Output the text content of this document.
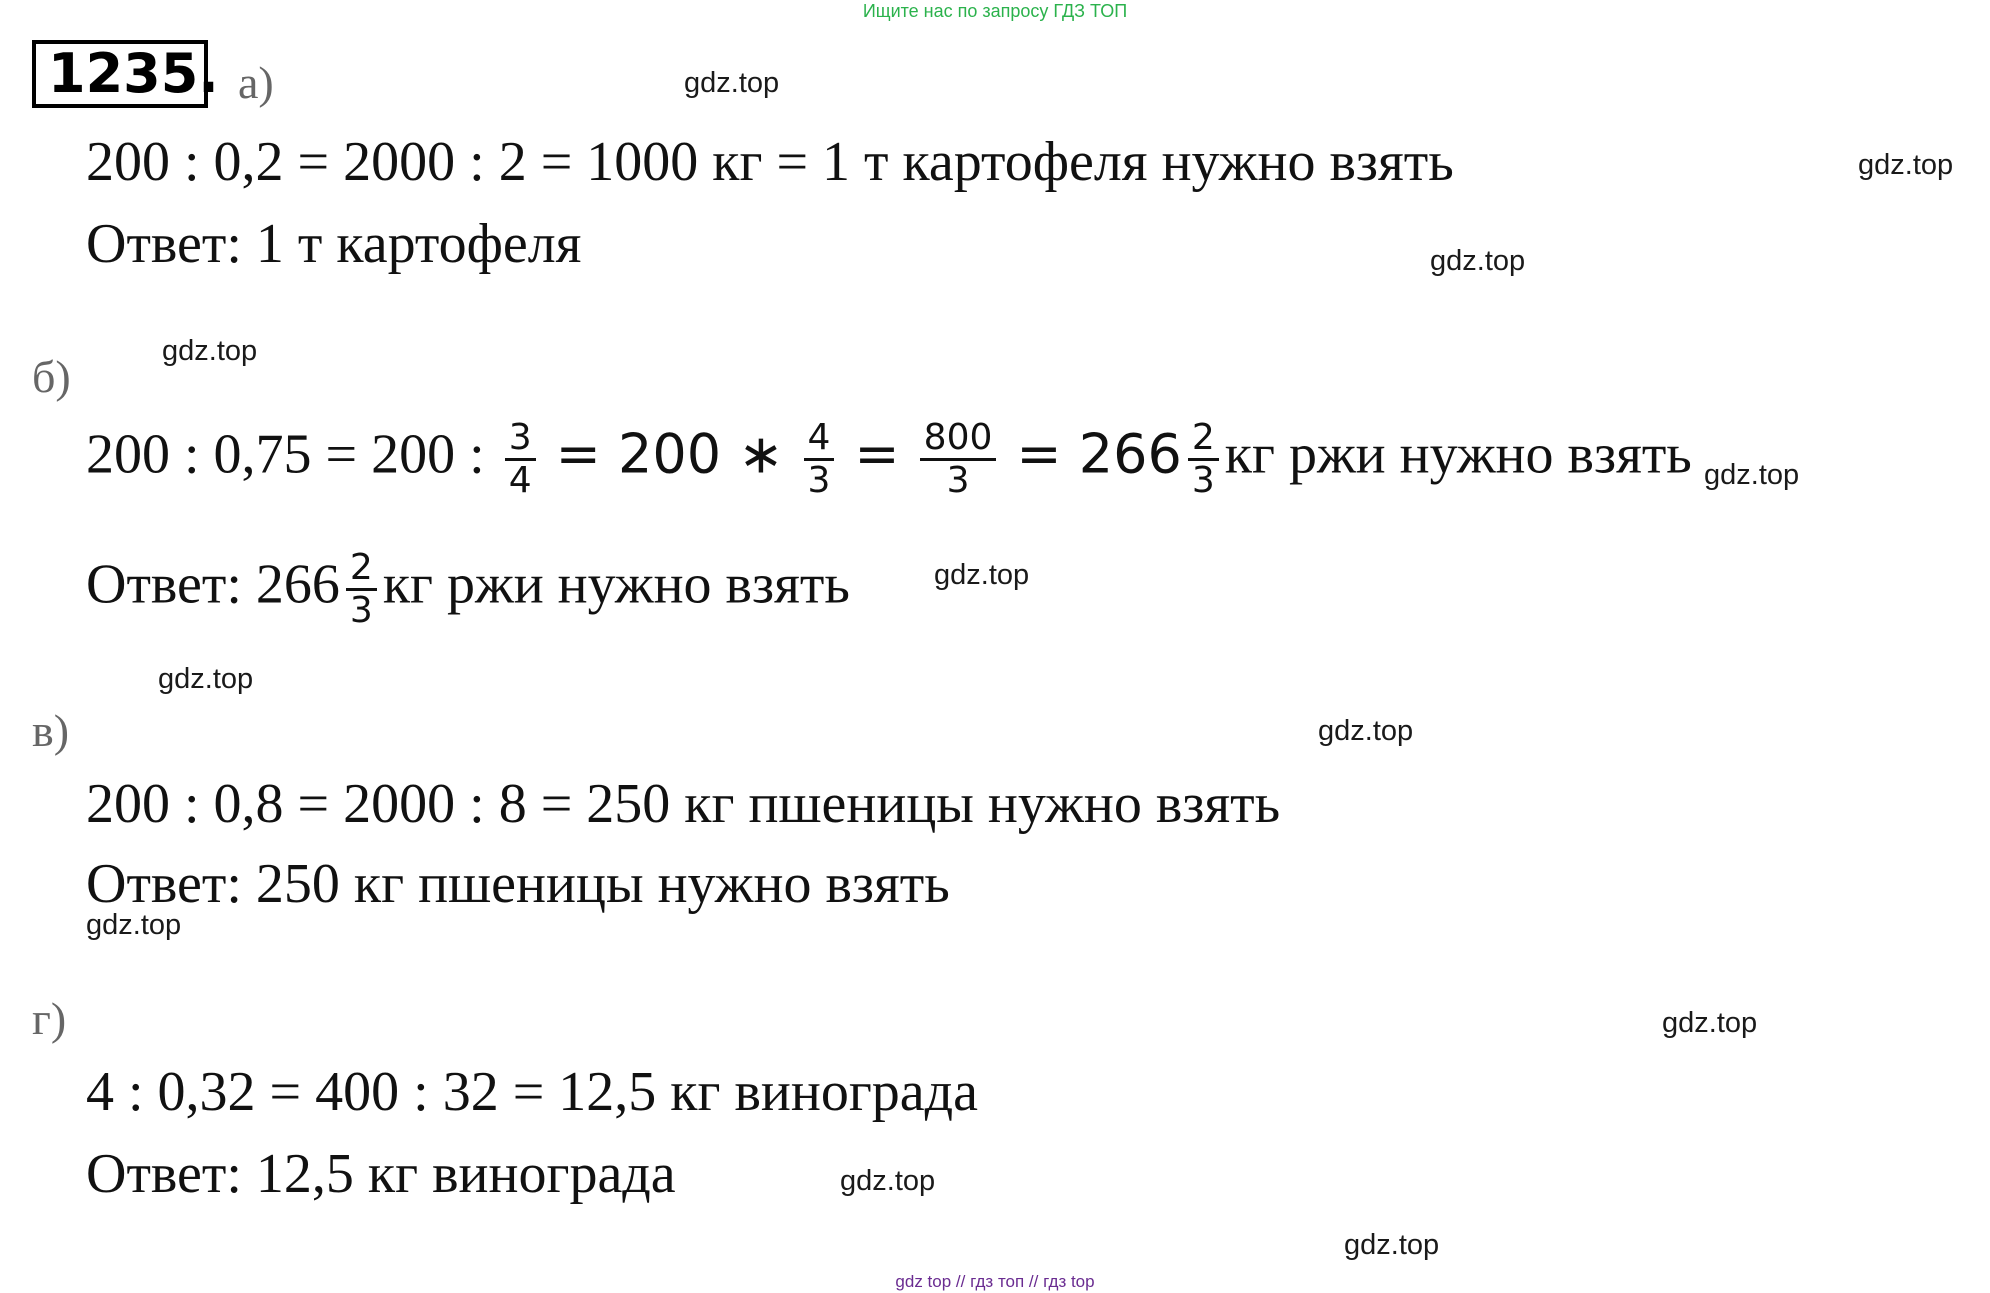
Ищите нас по запросу ГДЗ ТОП
1235. а)
200 : 0,2 = 2000 : 2 = 1000 кг = 1 т картофеля нужно взять
Ответ: 1 т картофеля
б)
200 : 0,75 = 200 : $\frac{3}{4} = 200$ ∗ $\frac{4}{3} = \frac{800}{3} = 266 \frac{2}{3}$ кг ржи нужно взять
Ответ: $266 \frac{2}{3}$ кг ржи нужно взять
в)
200 : 0,8 = 2000 : 8 = 250 кг пшеницы нужно взять
Ответ: 250 кг пшеницы нужно взять
г)
4 : 0,32 = 400 : 32 = 12,5 кг винограда
Ответ: 12,5 кг винограда
gdz.top
gdz.top
gdz.top
gdz.top
gdz.top
gdz.top
gdz.top
gdz.top
gdz.top
gdz.top
gdz.top
gdz.top
gdz top // гдз топ // гдз top
